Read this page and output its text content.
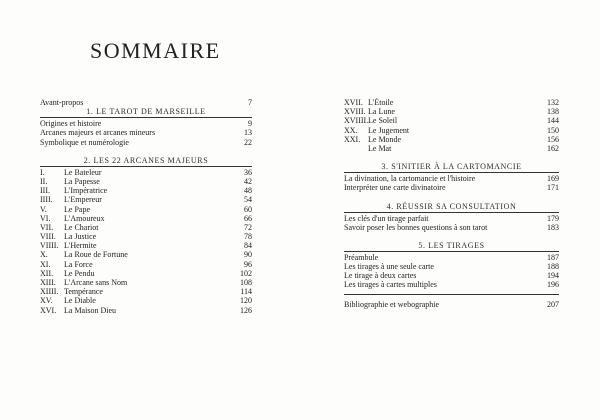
SOMMAIRE
Avant-propos	7
1. LE TAROT DE MARSEILLE
Origines et histoire	9
Arcanes majeurs et arcanes mineurs	13
Symbolique et numérologie	22
2. LES 22 ARCANES MAJEURS
I.	Le Bateleur	36
II.	La Papesse	42
III.	L'Impératrice	48
IIII.	L'Empereur	54
V.	Le Pape	60
VI.	L'Amoureux	66
VII.	Le Chariot	72
VIII.	La Justice	78
VIIII. L'Hermite	84
X.	La Roue de Fortune	90
XI.	La Force	96
XII.	Le Pendu	102
XIII.	L'Arcane sans Nom	108
XIIII. Tempérance	114
XV.	Le Diable	120
XVI. La Maison Dieu	126
XVII. L'Étoile	132
XVIII. La Lune	138
XVIIII. Le Soleil	144
XX.	Le Jugement	150
XXI. Le Monde	156
Le Mat	162
3. S'INITIER À LA CARTOMANCIE
La divination, la cartomancie et l'histoire	169
Interpréter une carte divinatoire	171
4. RÉUSSIR SA CONSULTATION
Les clés d'un tirage parfait	179
Savoir poser les bonnes questions à son tarot	183
5. LES TIRAGES
Préambule	187
Les tirages à une seule carte	188
Le tirage à deux cartes	194
Les tirages à cartes multiples	196
Bibliographie et webographie	207
